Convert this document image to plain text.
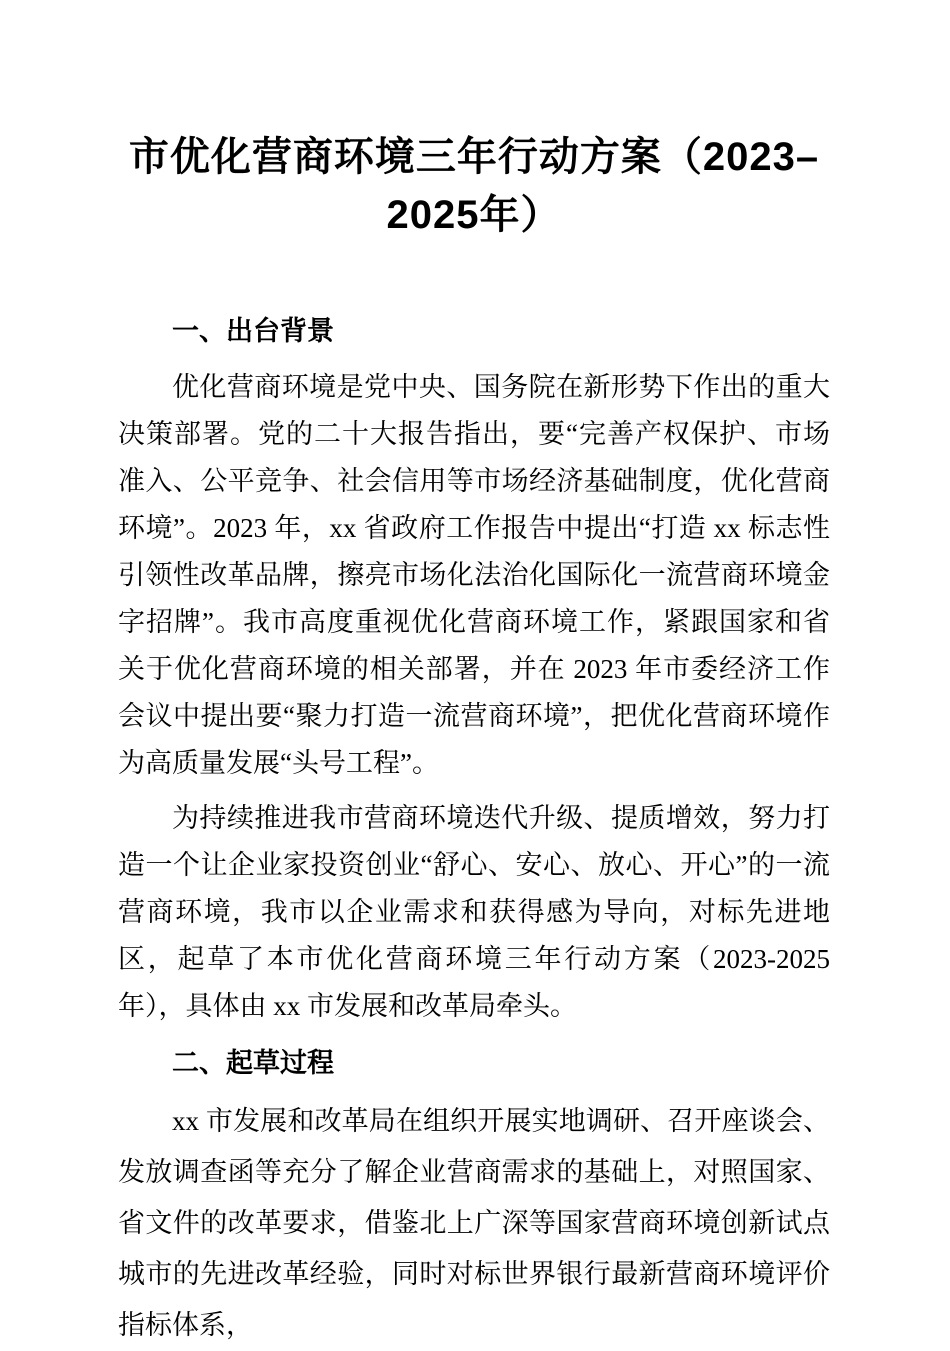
市优化营商环境三年行动方案（2023–2025年）
一、出台背景

优化营商环境是党中央、国务院在新形势下作出的重大决策部署。党的二十大报告指出，要“完善产权保护、市场准入、公平竞争、社会信用等市场经济基础制度，优化营商环境”。2023 年，xx 省政府工作报告中提出“打造 xx 标志性引领性改革品牌，擦亮市场化法治化国际化一流营商环境金字招牌”。我市高度重视优化营商环境工作，紧跟国家和省关于优化营商环境的相关部署，并在 2023 年市委经济工作会议中提出要“聚力打造一流营商环境”，把优化营商环境作为高质量发展“头号工程”。

为持续推进我市营商环境迭代升级、提质增效，努力打造一个让企业家投资创业“舒心、安心、放心、开心”的一流营商环境，我市以企业需求和获得感为导向，对标先进地区，起草了本市优化营商环境三年行动方案（2023-2025 年），具体由 xx 市发展和改革局牵头。

二、起草过程

xx 市发展和改革局在组织开展实地调研、召开座谈会、发放调查函等充分了解企业营商需求的基础上，对照国家、省文件的改革要求，借鉴北上广深等国家营商环境创新试点城市的先进改革经验，同时对标世界银行最新营商环境评价指标体系，
